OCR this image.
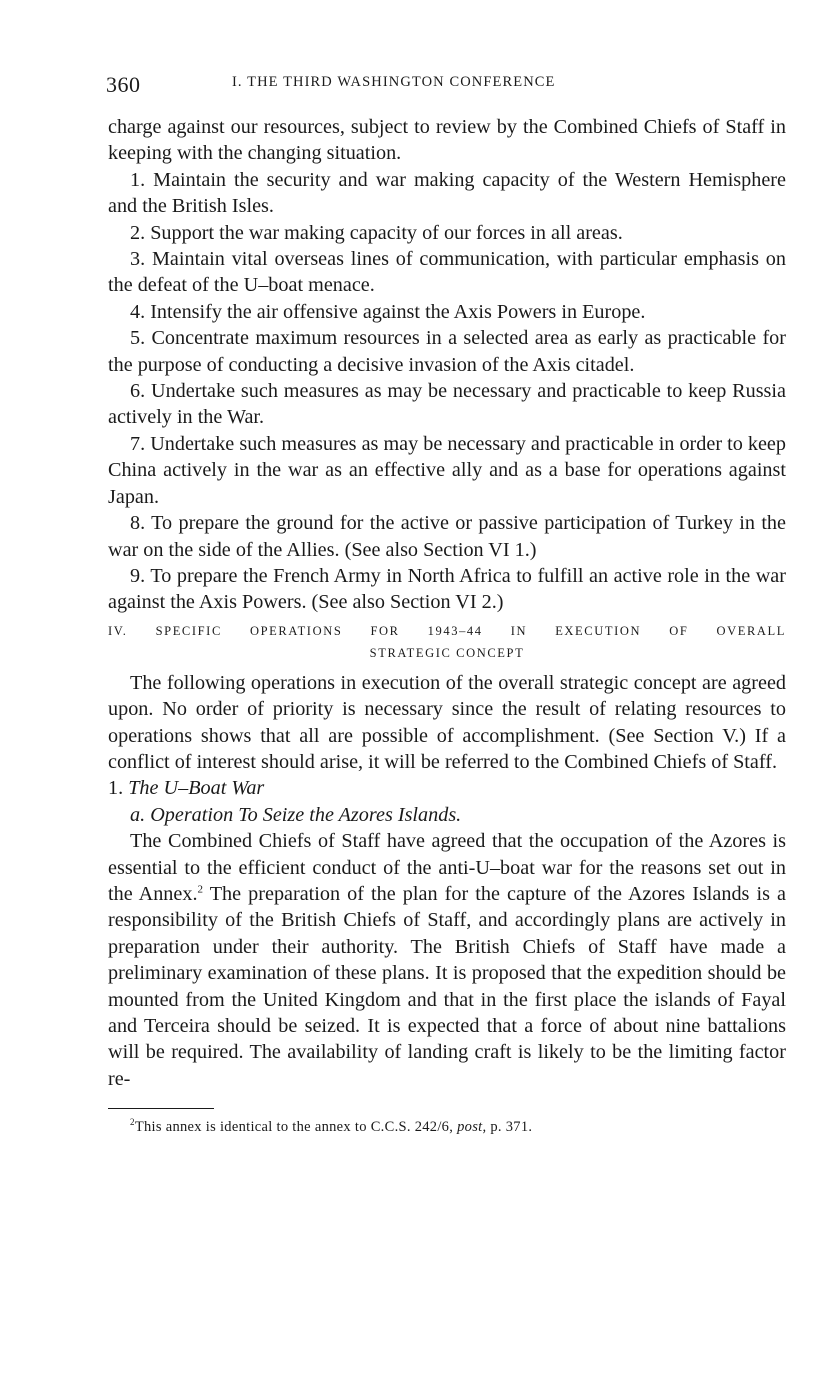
360	I. THE THIRD WASHINGTON CONFERENCE

charge against our resources, subject to review by the Combined Chiefs of Staff in keeping with the changing situation.

1. Maintain the security and war making capacity of the Western Hemisphere and the British Isles.

2. Support the war making capacity of our forces in all areas.

3. Maintain vital overseas lines of communication, with particular emphasis on the defeat of the U–boat menace.

4. Intensify the air offensive against the Axis Powers in Europe.

5. Concentrate maximum resources in a selected area as early as practicable for the purpose of conducting a decisive invasion of the Axis citadel.

6. Undertake such measures as may be necessary and practicable to keep Russia actively in the War.

7. Undertake such measures as may be necessary and practicable in order to keep China actively in the war as an effective ally and as a base for operations against Japan.

8. To prepare the ground for the active or passive participation of Turkey in the war on the side of the Allies. (See also Section VI 1.)

9. To prepare the French Army in North Africa to fulfill an active role in the war against the Axis Powers. (See also Section VI 2.)

IV. SPECIFIC OPERATIONS FOR 1943–44 IN EXECUTION OF OVERALL
STRATEGIC CONCEPT

The following operations in execution of the overall strategic concept are agreed upon. No order of priority is necessary since the result of relating resources to operations shows that all are possible of accomplishment. (See Section V.) If a conflict of interest should arise, it will be referred to the Combined Chiefs of Staff.

1. The U–Boat War

a. Operation To Seize the Azores Islands.

The Combined Chiefs of Staff have agreed that the occupation of the Azores is essential to the efficient conduct of the anti-U–boat war for the reasons set out in the Annex.$^2$ The preparation of the plan for the capture of the Azores Islands is a responsibility of the British Chiefs of Staff, and accordingly plans are actively in preparation under their authority. The British Chiefs of Staff have made a preliminary examination of these plans. It is proposed that the expedition should be mounted from the United Kingdom and that in the first place the islands of Fayal and Terceira should be seized. It is expected that a force of about nine battalions will be required. The availability of landing craft is likely to be the limiting factor re-

$^2$This annex is identical to the annex to C.C.S. 242/6, post, p. 371.
